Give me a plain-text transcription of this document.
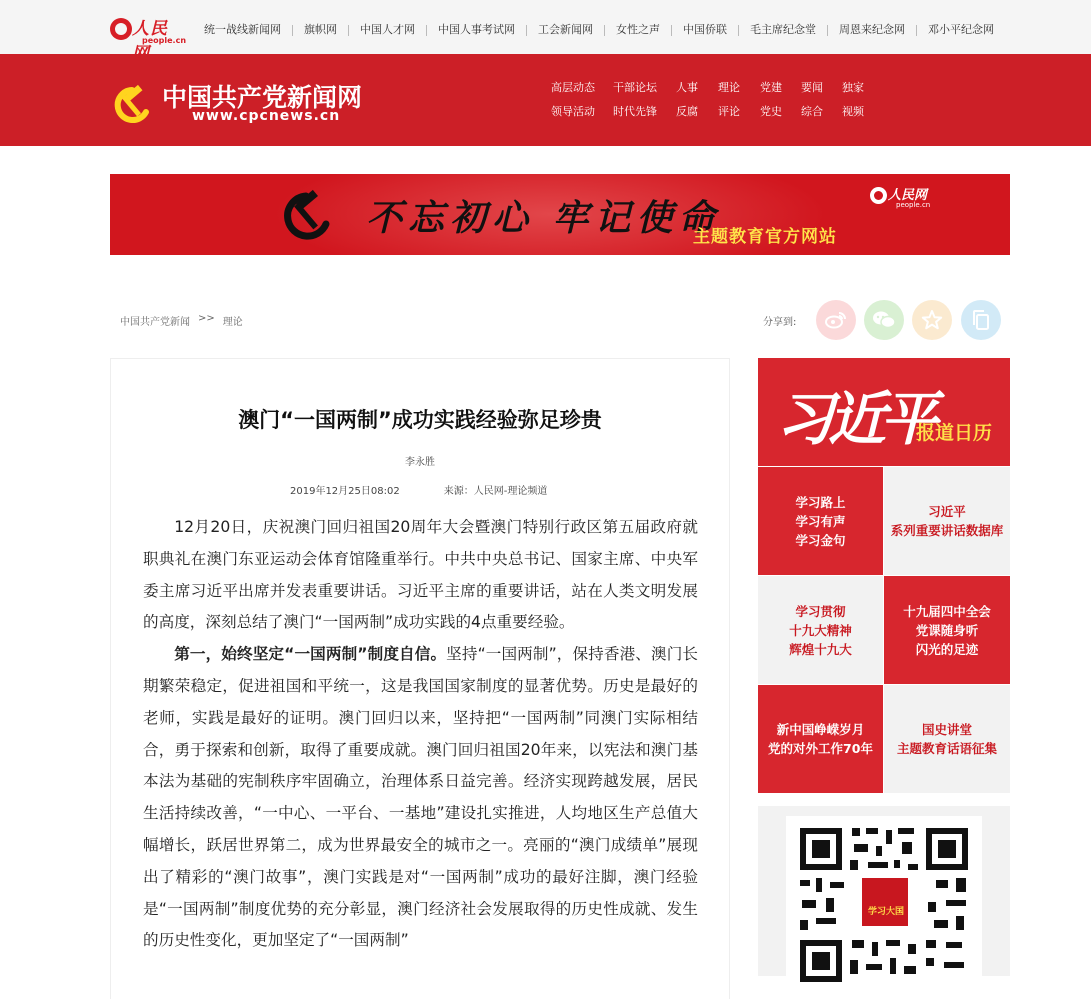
人民
people.cn
统一战线新闻网	旗帜网	中国人才网	中国人事考试网	工会新闻网	女性之声	中国侨联	毛主席纪念堂	周恩来纪念网	邓小平纪念网
中国共产党新闻网
www.cpcnews.cn
高层动态	干部论坛	人事	理论	党建	要闻	独家
领导活动	时代先锋	反腐	评论	党史	综合	视频
不忘初心 牢记使命
主题教育官方网站
人民网
people.cn
中国共产党新闻 >> 理论	分享到:
澳门“一国两制”成功实践经验弥足珍贵
李永胜
2019年12月25日08:02	来源：人民网-理论频道

12月20日，庆祝澳门回归祖国20周年大会暨澳门特别行政区第五届政府就职典礼在澳门东亚运动会体育馆隆重举行。中共中央总书记、国家主席、中央军委主席习近平出席并发表重要讲话。习近平主席的重要讲话，站在人类文明发展的高度，深刻总结了澳门“一国两制”成功实践的4点重要经验。

第一，始终坚定“一国两制”制度自信。坚持“一国两制”，保持香港、澳门长期繁荣稳定，促进祖国和平统一，这是我国国家制度的显著优势。历史是最好的老师，实践是最好的证明。澳门回归以来，坚持把“一国两制”同澳门实际相结合，勇于探索和创新，取得了重要成就。澳门回归祖国20年来，以宪法和澳门基本法为基础的宪制秩序牢固确立，治理体系日益完善。经济实现跨越发展，居民生活持续改善，“一中心、一平台、一基地”建设扎实推进，人均地区生产总值大幅增长，跃居世界第二，成为世界最安全的城市之一。亮丽的“澳门成绩单”展现出了精彩的“澳门故事”，澳门实践是对“一国两制”成功的最好注脚，澳门经验是“一国两制”制度优势的充分彰显，澳门经济社会发展取得的历史性成就、发生的历史性变化，更加坚定了“一国两制”

习近平
报道日历
学习路上
学习有声
学习金句
习近平
系列重要讲话数据库
学习贯彻
十九大精神
辉煌十九大
十九届四中全会
党课随身听
闪光的足迹
新中国峥嵘岁月
党的对外工作70年
国史讲堂
主题教育话语征集
学习大国
